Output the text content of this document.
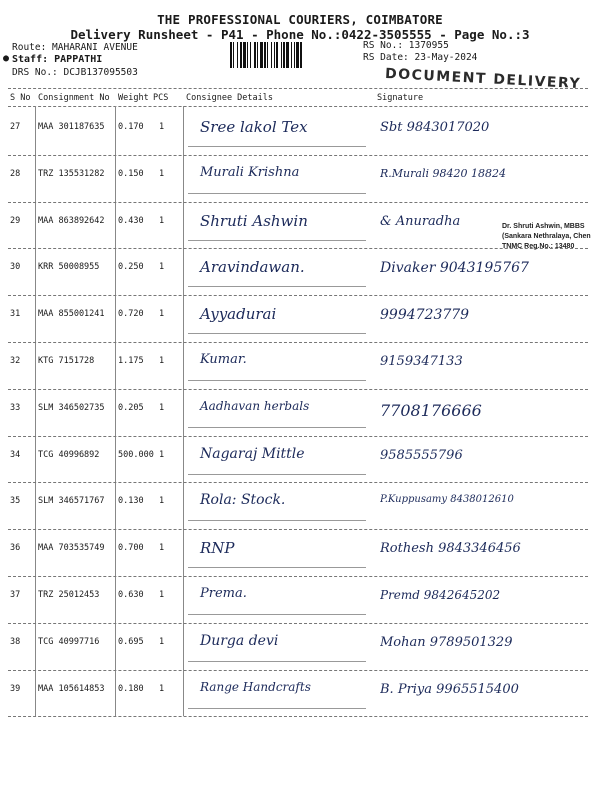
THE PROFESSIONAL COURIERS, COIMBATORE
Delivery Runsheet - P41 - Phone No.:0422-3505555 - Page No.:3
●
Route: MAHARANI AVENUE
Staff: PAPPATHI
DRS No.: DCJB137095503
RS No.: 1370955
RS Date: 23-May-2024
DOCUMENT DELIVERY
S No Consignment No Weight PCS Consignee Details	Signature
27 MAA 301187635 0.170 1 Sree lakol Tex	Sbt 9843017020
28 TRZ 135531282 0.150 1	Murali Krishna	R.Murali 98420 18824
29 MAA 863892642 0.430 1 Shruti Ashwin	& Anuradha
30 KRR 50008955 0.250 1 Aravindawan.	Divaker 9043195767
31 MAA 855001241 0.720 1 Ayyadurai	9994723779
32 KTG 7151728	1.175 1	Kumar.	9159347133
33 SLM 346502735 0.205 1	Aadhavan herbals	7708176666
34 TCG 40996892 500.000 1	Nagaraj Mittle	9585555796
35 SLM 346571767 0.130 1	Rola: Stock.	P.Kuppusamy 8438012610
36 MAA 703535749 0.700 1 RNP	Rothesh 9843346456
37 TRZ 25012453 0.630 1	Prema.	Premd 9842645202
38 TCG 40997716 0.695 1	Durga devi	Mohan 9789501329
39 MAA 105614853 0.180 1	Range Handcrafts	B. Priya 9965515400
Dr. Shruti Ashwin, MBBS
(Sankara Nethralaya, Chen
TNMC Reg.No.: 13480
